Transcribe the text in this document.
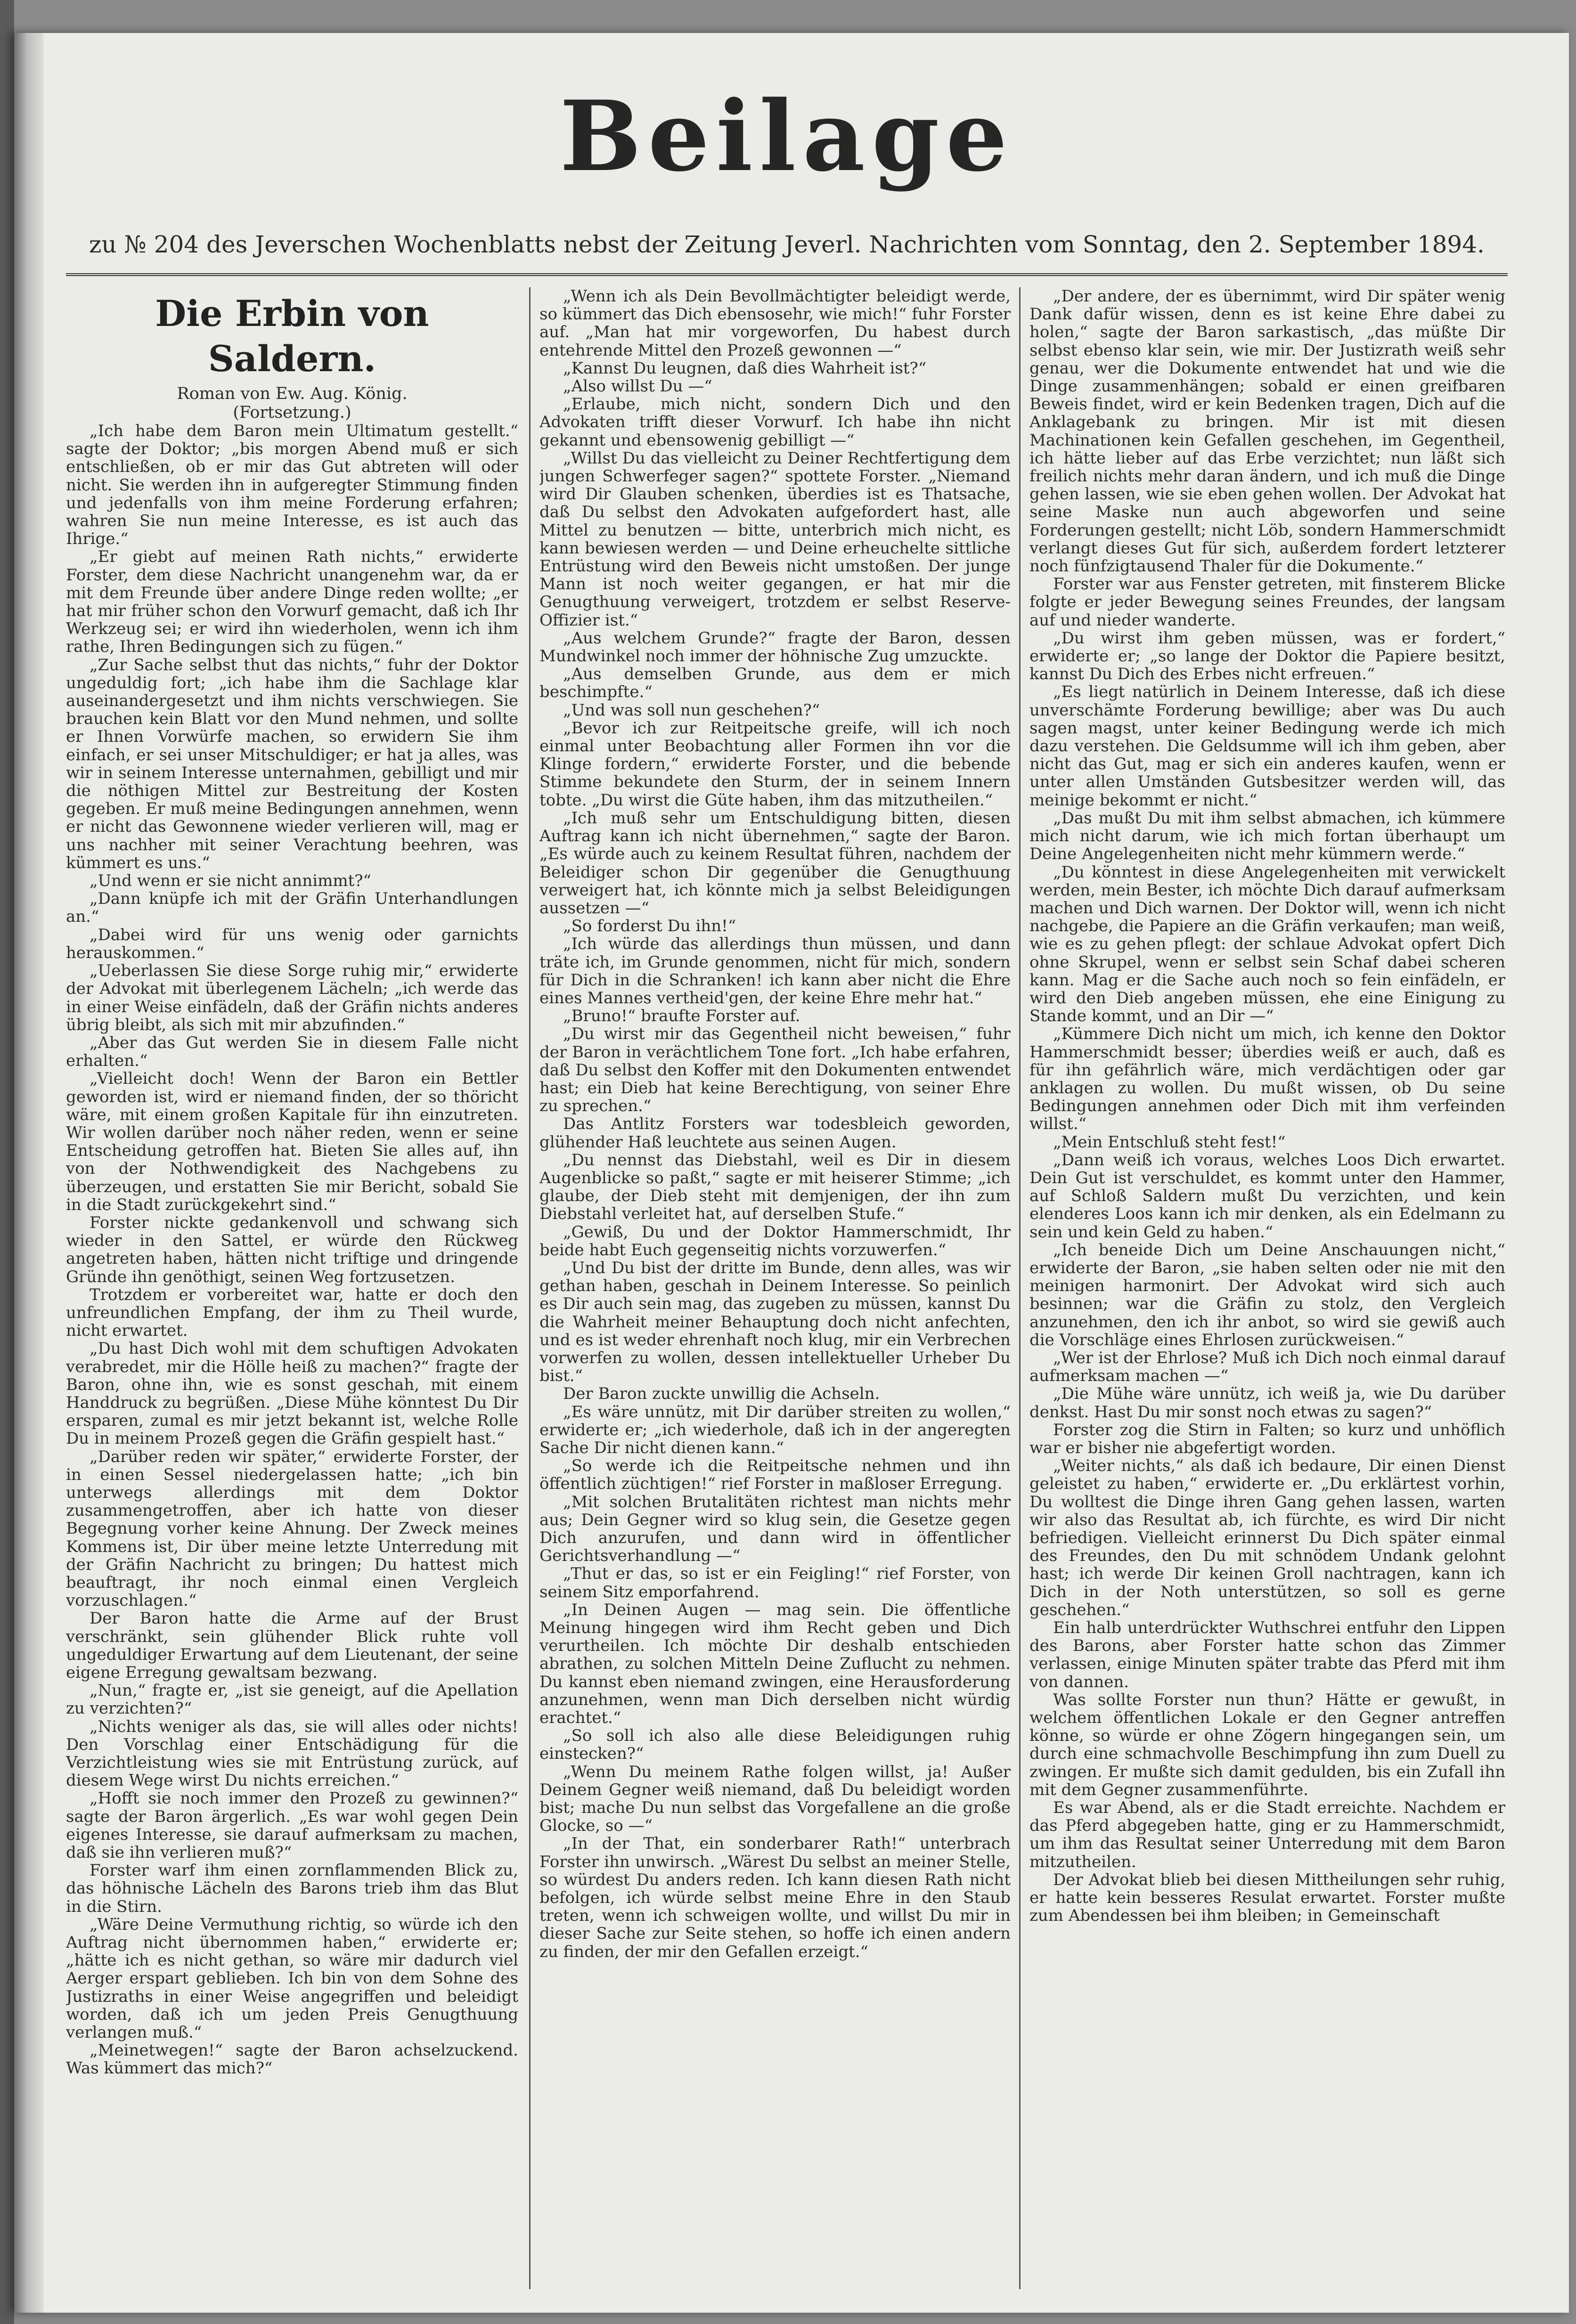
Beilage
zu № 204 des Jeverschen Wochenblatts nebst der Zeitung Jeverl. Nachrichten vom Sonntag, den 2. September 1894.
Die Erbin von Saldern.
Roman von Ew. Aug. König.
(Fortsetzung.)

„Ich habe dem Baron mein Ultimatum gestellt.“ sagte der Doktor; „bis morgen Abend muß er sich entschließen, ob er mir das Gut abtreten will oder nicht. Sie werden ihn in aufgeregter Stimmung finden und jedenfalls von ihm meine Forderung erfahren; wahren Sie nun meine Interesse, es ist auch das Ihrige.“

„Er giebt auf meinen Rath nichts,“ erwiderte Forster, dem diese Nachricht unangenehm war, da er mit dem Freunde über andere Dinge reden wollte; „er hat mir früher schon den Vorwurf gemacht, daß ich Ihr Werkzeug sei; er wird ihn wiederholen, wenn ich ihm rathe, Ihren Bedingungen sich zu fügen.“

„Zur Sache selbst thut das nichts,“ fuhr der Doktor ungeduldig fort; „ich habe ihm die Sachlage klar auseinandergesetzt und ihm nichts verschwiegen. Sie brauchen kein Blatt vor den Mund nehmen, und sollte er Ihnen Vorwürfe machen, so erwidern Sie ihm einfach, er sei unser Mitschuldiger; er hat ja alles, was wir in seinem Interesse unternahmen, gebilligt und mir die nöthigen Mittel zur Bestreitung der Kosten gegeben. Er muß meine Bedingungen annehmen, wenn er nicht das Gewonnene wieder verlieren will, mag er uns nachher mit seiner Verachtung beehren, was kümmert es uns.“

„Und wenn er sie nicht annimmt?“

„Dann knüpfe ich mit der Gräfin Unterhandlungen an.“

„Dabei wird für uns wenig oder garnichts herauskommen.“

„Ueberlassen Sie diese Sorge ruhig mir,“ erwiderte der Advokat mit überlegenem Lächeln; „ich werde das in einer Weise einfädeln, daß der Gräfin nichts anderes übrig bleibt, als sich mit mir abzufinden.“

„Aber das Gut werden Sie in diesem Falle nicht erhalten.“

„Vielleicht doch! Wenn der Baron ein Bettler geworden ist, wird er niemand finden, der so thöricht wäre, mit einem großen Kapitale für ihn einzutreten. Wir wollen darüber noch näher reden, wenn er seine Entscheidung getroffen hat. Bieten Sie alles auf, ihn von der Nothwendigkeit des Nachgebens zu überzeugen, und erstatten Sie mir Bericht, sobald Sie in die Stadt zurückgekehrt sind.“

Forster nickte gedankenvoll und schwang sich wieder in den Sattel, er würde den Rückweg angetreten haben, hätten nicht triftige und dringende Gründe ihn genöthigt, seinen Weg fortzusetzen.

Trotzdem er vorbereitet war, hatte er doch den unfreundlichen Empfang, der ihm zu Theil wurde, nicht erwartet.

„Du hast Dich wohl mit dem schuftigen Advokaten verabredet, mir die Hölle heiß zu machen?“ fragte der Baron, ohne ihn, wie es sonst geschah, mit einem Handdruck zu begrüßen. „Diese Mühe könntest Du Dir ersparen, zumal es mir jetzt bekannt ist, welche Rolle Du in meinem Prozeß gegen die Gräfin gespielt hast.“

„Darüber reden wir später,“ erwiderte Forster, der in einen Sessel niedergelassen hatte; „ich bin unterwegs allerdings mit dem Doktor zusammengetroffen, aber ich hatte von dieser Begegnung vorher keine Ahnung. Der Zweck meines Kommens ist, Dir über meine letzte Unterredung mit der Gräfin Nachricht zu bringen; Du hattest mich beauftragt, ihr noch einmal einen Vergleich vorzuschlagen.“

Der Baron hatte die Arme auf der Brust verschränkt, sein glühender Blick ruhte voll ungeduldiger Erwartung auf dem Lieutenant, der seine eigene Erregung gewaltsam bezwang.

„Nun,“ fragte er, „ist sie geneigt, auf die Apellation zu verzichten?“

„Nichts weniger als das, sie will alles oder nichts! Den Vorschlag einer Entschädigung für die Verzichtleistung wies sie mit Entrüstung zurück, auf diesem Wege wirst Du nichts erreichen.“

„Hofft sie noch immer den Prozeß zu gewinnen?“ sagte der Baron ärgerlich. „Es war wohl gegen Dein eigenes Interesse, sie darauf aufmerksam zu machen, daß sie ihn verlieren muß?“

Forster warf ihm einen zornflammenden Blick zu, das höhnische Lächeln des Barons trieb ihm das Blut in die Stirn.

„Wäre Deine Vermuthung richtig, so würde ich den Auftrag nicht übernommen haben,“ erwiderte er; „hätte ich es nicht gethan, so wäre mir dadurch viel Aerger erspart geblieben. Ich bin von dem Sohne des Justizraths in einer Weise angegriffen und beleidigt worden, daß ich um jeden Preis Genugthuung verlangen muß.“

„Meinetwegen!“ sagte der Baron achselzuckend. Was kümmert das mich?“

„Wenn ich als Dein Bevollmächtigter beleidigt werde, so kümmert das Dich ebensosehr, wie mich!“ fuhr Forster auf. „Man hat mir vorgeworfen, Du habest durch entehrende Mittel den Prozeß gewonnen —“

„Kannst Du leugnen, daß dies Wahrheit ist?“

„Also willst Du —“

„Erlaube, mich nicht, sondern Dich und den Advokaten trifft dieser Vorwurf. Ich habe ihn nicht gekannt und ebensowenig gebilligt —“

„Willst Du das vielleicht zu Deiner Rechtfertigung dem jungen Schwerfeger sagen?“ spottete Forster. „Niemand wird Dir Glauben schenken, überdies ist es Thatsache, daß Du selbst den Advokaten aufgefordert hast, alle Mittel zu benutzen — bitte, unterbrich mich nicht, es kann bewiesen werden — und Deine erheuchelte sittliche Entrüstung wird den Beweis nicht umstoßen. Der junge Mann ist noch weiter gegangen, er hat mir die Genugthuung verweigert, trotzdem er selbst Reserve-Offizier ist.“

„Aus welchem Grunde?“ fragte der Baron, dessen Mundwinkel noch immer der höhnische Zug umzuckte.

„Aus demselben Grunde, aus dem er mich beschimpfte.“

„Und was soll nun geschehen?“

„Bevor ich zur Reitpeitsche greife, will ich noch einmal unter Beobachtung aller Formen ihn vor die Klinge fordern,“ erwiderte Forster, und die bebende Stimme bekundete den Sturm, der in seinem Innern tobte. „Du wirst die Güte haben, ihm das mitzutheilen.“

„Ich muß sehr um Entschuldigung bitten, diesen Auftrag kann ich nicht übernehmen,“ sagte der Baron. „Es würde auch zu keinem Resultat führen, nachdem der Beleidiger schon Dir gegenüber die Genugthuung verweigert hat, ich könnte mich ja selbst Beleidigungen aussetzen —“

„So forderst Du ihn!“

„Ich würde das allerdings thun müssen, und dann träte ich, im Grunde genommen, nicht für mich, sondern für Dich in die Schranken! ich kann aber nicht die Ehre eines Mannes vertheid'gen, der keine Ehre mehr hat.“

„Bruno!“ braufte Forster auf.

„Du wirst mir das Gegentheil nicht beweisen,“ fuhr der Baron in verächtlichem Tone fort. „Ich habe erfahren, daß Du selbst den Koffer mit den Dokumenten entwendet hast; ein Dieb hat keine Berechtigung, von seiner Ehre zu sprechen.“

Das Antlitz Forsters war todesbleich geworden, glühender Haß leuchtete aus seinen Augen.

„Du nennst das Diebstahl, weil es Dir in diesem Augenblicke so paßt,“ sagte er mit heiserer Stimme; „ich glaube, der Dieb steht mit demjenigen, der ihn zum Diebstahl verleitet hat, auf derselben Stufe.“

„Gewiß, Du und der Doktor Hammerschmidt, Ihr beide habt Euch gegenseitig nichts vorzuwerfen.“

„Und Du bist der dritte im Bunde, denn alles, was wir gethan haben, geschah in Deinem Interesse. So peinlich es Dir auch sein mag, das zugeben zu müssen, kannst Du die Wahrheit meiner Behauptung doch nicht anfechten, und es ist weder ehrenhaft noch klug, mir ein Verbrechen vorwerfen zu wollen, dessen intellektueller Urheber Du bist.“

Der Baron zuckte unwillig die Achseln.

„Es wäre unnütz, mit Dir darüber streiten zu wollen,“ erwiderte er; „ich wiederhole, daß ich in der angeregten Sache Dir nicht dienen kann.“

„So werde ich die Reitpeitsche nehmen und ihn öffentlich züchtigen!“ rief Forster in maßloser Erregung.

„Mit solchen Brutalitäten richtest man nichts mehr aus; Dein Gegner wird so klug sein, die Gesetze gegen Dich anzurufen, und dann wird in öffentlicher Gerichtsverhandlung —“

„Thut er das, so ist er ein Feigling!“ rief Forster, von seinem Sitz emporfahrend.

„In Deinen Augen — mag sein. Die öffentliche Meinung hingegen wird ihm Recht geben und Dich verurtheilen. Ich möchte Dir deshalb entschieden abrathen, zu solchen Mitteln Deine Zuflucht zu nehmen. Du kannst eben niemand zwingen, eine Herausforderung anzunehmen, wenn man Dich derselben nicht würdig erachtet.“

„So soll ich also alle diese Beleidigungen ruhig einstecken?“

„Wenn Du meinem Rathe folgen willst, ja! Außer Deinem Gegner weiß niemand, daß Du beleidigt worden bist; mache Du nun selbst das Vorgefallene an die große Glocke, so —“

„In der That, ein sonderbarer Rath!“ unterbrach Forster ihn unwirsch. „Wärest Du selbst an meiner Stelle, so würdest Du anders reden. Ich kann diesen Rath nicht befolgen, ich würde selbst meine Ehre in den Staub treten, wenn ich schweigen wollte, und willst Du mir in dieser Sache zur Seite stehen, so hoffe ich einen andern zu finden, der mir den Gefallen erzeigt.“

„Der andere, der es übernimmt, wird Dir später wenig Dank dafür wissen, denn es ist keine Ehre dabei zu holen,“ sagte der Baron sarkastisch, „das müßte Dir selbst ebenso klar sein, wie mir. Der Justizrath weiß sehr genau, wer die Dokumente entwendet hat und wie die Dinge zusammenhängen; sobald er einen greifbaren Beweis findet, wird er kein Bedenken tragen, Dich auf die Anklagebank zu bringen. Mir ist mit diesen Machinationen kein Gefallen geschehen, im Gegentheil, ich hätte lieber auf das Erbe verzichtet; nun läßt sich freilich nichts mehr daran ändern, und ich muß die Dinge gehen lassen, wie sie eben gehen wollen. Der Advokat hat seine Maske nun auch abgeworfen und seine Forderungen gestellt; nicht Löb, sondern Hammerschmidt verlangt dieses Gut für sich, außerdem fordert letzterer noch fünfzigtausend Thaler für die Dokumente.“

Forster war aus Fenster getreten, mit finsterem Blicke folgte er jeder Bewegung seines Freundes, der langsam auf und nieder wanderte.

„Du wirst ihm geben müssen, was er fordert,“ erwiderte er; „so lange der Doktor die Papiere besitzt, kannst Du Dich des Erbes nicht erfreuen.“

„Es liegt natürlich in Deinem Interesse, daß ich diese unverschämte Forderung bewillige; aber was Du auch sagen magst, unter keiner Bedingung werde ich mich dazu verstehen. Die Geldsumme will ich ihm geben, aber nicht das Gut, mag er sich ein anderes kaufen, wenn er unter allen Umständen Gutsbesitzer werden will, das meinige bekommt er nicht.“

„Das mußt Du mit ihm selbst abmachen, ich kümmere mich nicht darum, wie ich mich fortan überhaupt um Deine Angelegenheiten nicht mehr kümmern werde.“

„Du könntest in diese Angelegenheiten mit verwickelt werden, mein Bester, ich möchte Dich darauf aufmerksam machen und Dich warnen. Der Doktor will, wenn ich nicht nachgebe, die Papiere an die Gräfin verkaufen; man weiß, wie es zu gehen pflegt: der schlaue Advokat opfert Dich ohne Skrupel, wenn er selbst sein Schaf dabei scheren kann. Mag er die Sache auch noch so fein einfädeln, er wird den Dieb angeben müssen, ehe eine Einigung zu Stande kommt, und an Dir —“

„Kümmere Dich nicht um mich, ich kenne den Doktor Hammerschmidt besser; überdies weiß er auch, daß es für ihn gefährlich wäre, mich verdächtigen oder gar anklagen zu wollen. Du mußt wissen, ob Du seine Bedingungen annehmen oder Dich mit ihm verfeinden willst.“

„Mein Entschluß steht fest!“

„Dann weiß ich voraus, welches Loos Dich erwartet. Dein Gut ist verschuldet, es kommt unter den Hammer, auf Schloß Saldern mußt Du verzichten, und kein elenderes Loos kann ich mir denken, als ein Edelmann zu sein und kein Geld zu haben.“

„Ich beneide Dich um Deine Anschauungen nicht,“ erwiderte der Baron, „sie haben selten oder nie mit den meinigen harmonirt. Der Advokat wird sich auch besinnen; war die Gräfin zu stolz, den Vergleich anzunehmen, den ich ihr anbot, so wird sie gewiß auch die Vorschläge eines Ehrlosen zurückweisen.“

„Wer ist der Ehrlose? Muß ich Dich noch einmal darauf aufmerksam machen —“

„Die Mühe wäre unnütz, ich weiß ja, wie Du darüber denkst. Hast Du mir sonst noch etwas zu sagen?“

Forster zog die Stirn in Falten; so kurz und unhöflich war er bisher nie abgefertigt worden.

„Weiter nichts,“ als daß ich bedaure, Dir einen Dienst geleistet zu haben,“ erwiderte er. „Du erklärtest vorhin, Du wolltest die Dinge ihren Gang gehen lassen, warten wir also das Resultat ab, ich fürchte, es wird Dir nicht befriedigen. Vielleicht erinnerst Du Dich später einmal des Freundes, den Du mit schnödem Undank gelohnt hast; ich werde Dir keinen Groll nachtragen, kann ich Dich in der Noth unterstützen, so soll es gerne geschehen.“

Ein halb unterdrückter Wuthschrei entfuhr den Lippen des Barons, aber Forster hatte schon das Zimmer verlassen, einige Minuten später trabte das Pferd mit ihm von dannen.

Was sollte Forster nun thun? Hätte er gewußt, in welchem öffentlichen Lokale er den Gegner antreffen könne, so würde er ohne Zögern hingegangen sein, um durch eine schmachvolle Beschimpfung ihn zum Duell zu zwingen. Er mußte sich damit gedulden, bis ein Zufall ihn mit dem Gegner zusammenführte.

Es war Abend, als er die Stadt erreichte. Nachdem er das Pferd abgegeben hatte, ging er zu Hammerschmidt, um ihm das Resultat seiner Unterredung mit dem Baron mitzutheilen.

Der Advokat blieb bei diesen Mittheilungen sehr ruhig, er hatte kein besseres Resulat erwartet. Forster mußte zum Abendessen bei ihm bleiben; in Gemeinschaft
